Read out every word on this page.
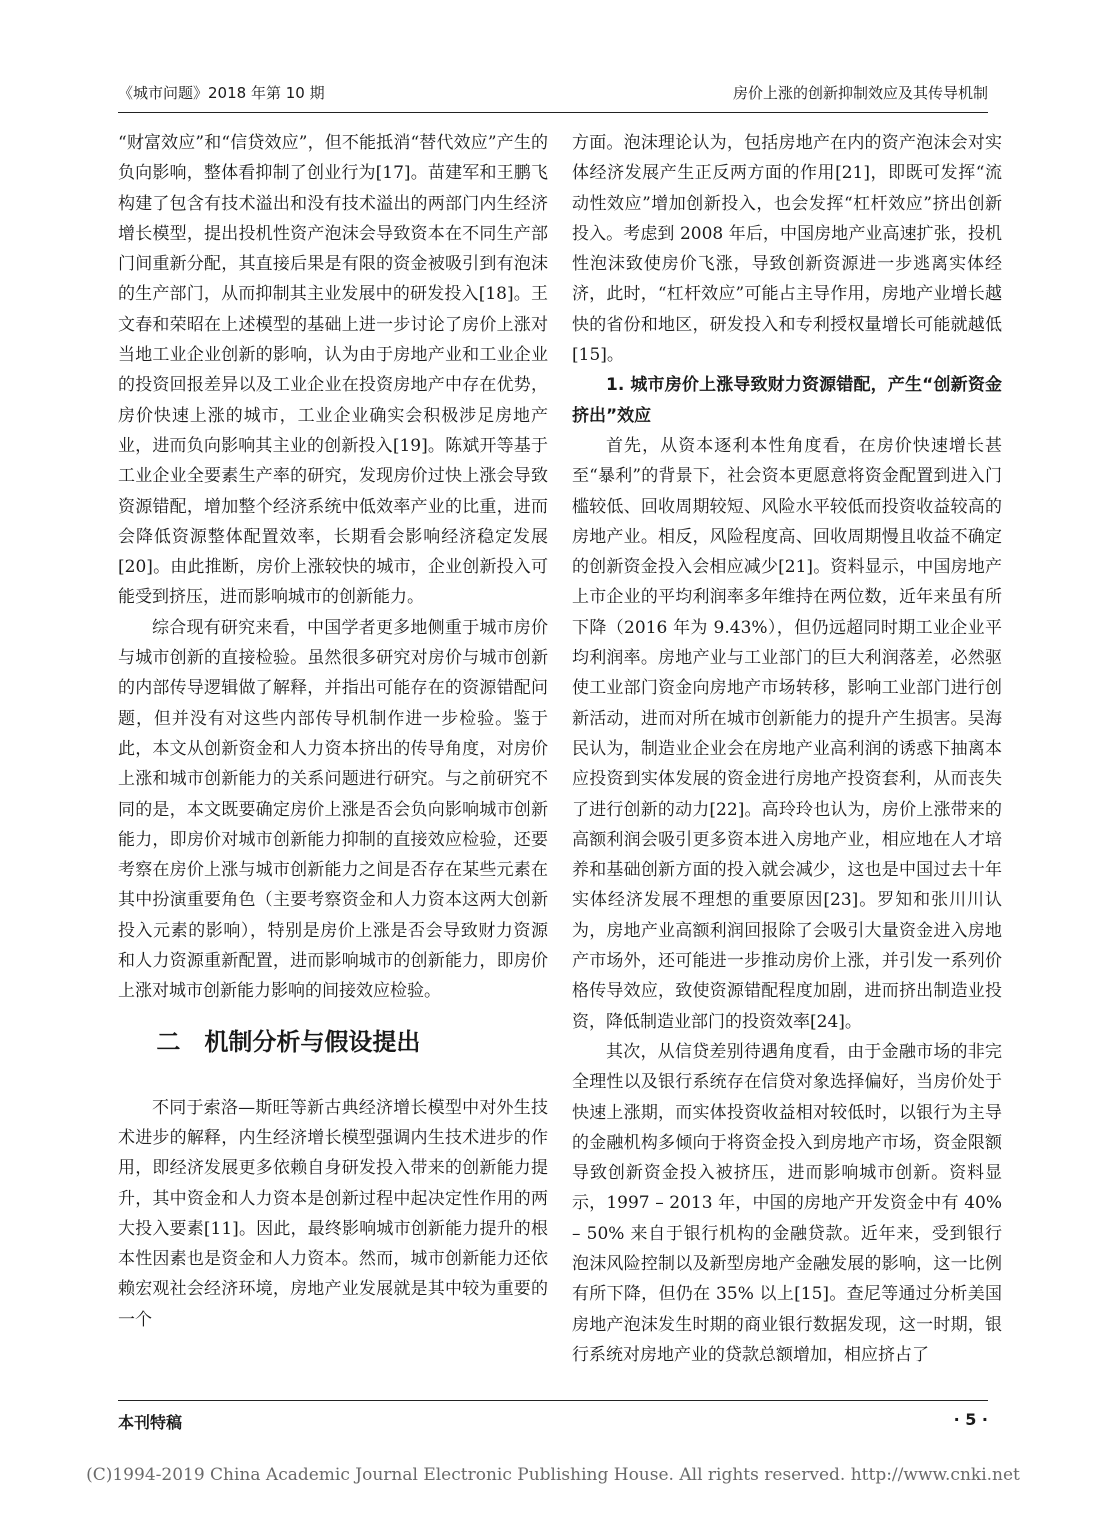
《城市问题》2018 年第 10 期	房价上涨的创新抑制效应及其传导机制

“财富效应”和“信贷效应”，但不能抵消“替代效应”产生的负向影响，整体看抑制了创业行为[17]。苗建军和王鹏飞构建了包含有技术溢出和没有技术溢出的两部门内生经济增长模型，提出投机性资产泡沫会导致资本在不同生产部门间重新分配，其直接后果是有限的资金被吸引到有泡沫的生产部门，从而抑制其主业发展中的研发投入[18]。王文春和荣昭在上述模型的基础上进一步讨论了房价上涨对当地工业企业创新的影响，认为由于房地产业和工业企业的投资回报差异以及工业企业在投资房地产中存在优势，房价快速上涨的城市，工业企业确实会积极涉足房地产业，进而负向影响其主业的创新投入[19]。陈斌开等基于工业企业全要素生产率的研究，发现房价过快上涨会导致资源错配，增加整个经济系统中低效率产业的比重，进而会降低资源整体配置效率，长期看会影响经济稳定发展[20]。由此推断，房价上涨较快的城市，企业创新投入可能受到挤压，进而影响城市的创新能力。

综合现有研究来看，中国学者更多地侧重于城市房价与城市创新的直接检验。虽然很多研究对房价与城市创新的内部传导逻辑做了解释，并指出可能存在的资源错配问题，但并没有对这些内部传导机制作进一步检验。鉴于此，本文从创新资金和人力资本挤出的传导角度，对房价上涨和城市创新能力的关系问题进行研究。与之前研究不同的是，本文既要确定房价上涨是否会负向影响城市创新能力，即房价对城市创新能力抑制的直接效应检验，还要考察在房价上涨与城市创新能力之间是否存在某些元素在其中扮演重要角色（主要考察资金和人力资本这两大创新投入元素的影响），特别是房价上涨是否会导致财力资源和人力资源重新配置，进而影响城市的创新能力，即房价上涨对城市创新能力影响的间接效应检验。

二　机制分析与假设提出

不同于索洛—斯旺等新古典经济增长模型中对外生技术进步的解释，内生经济增长模型强调内生技术进步的作用，即经济发展更多依赖自身研发投入带来的创新能力提升，其中资金和人力资本是创新过程中起决定性作用的两大投入要素[11]。因此，最终影响城市创新能力提升的根本性因素也是资金和人力资本。然而，城市创新能力还依赖宏观社会经济环境，房地产业发展就是其中较为重要的一个

方面。泡沫理论认为，包括房地产在内的资产泡沫会对实体经济发展产生正反两方面的作用[21]，即既可发挥“流动性效应”增加创新投入，也会发挥“杠杆效应”挤出创新投入。考虑到 2008 年后，中国房地产业高速扩张，投机性泡沫致使房价飞涨，导致创新资源进一步逃离实体经济，此时，“杠杆效应”可能占主导作用，房地产业增长越快的省份和地区，研发投入和专利授权量增长可能就越低[15]。

1. 城市房价上涨导致财力资源错配，产生“创新资金挤出”效应

首先，从资本逐利本性角度看，在房价快速增长甚至“暴利”的背景下，社会资本更愿意将资金配置到进入门槛较低、回收周期较短、风险水平较低而投资收益较高的房地产业。相反，风险程度高、回收周期慢且收益不确定的创新资金投入会相应减少[21]。资料显示，中国房地产上市企业的平均利润率多年维持在两位数，近年来虽有所下降（2016 年为 9.43%），但仍远超同时期工业企业平均利润率。房地产业与工业部门的巨大利润落差，必然驱使工业部门资金向房地产市场转移，影响工业部门进行创新活动，进而对所在城市创新能力的提升产生损害。吴海民认为，制造业企业会在房地产业高利润的诱惑下抽离本应投资到实体发展的资金进行房地产投资套利，从而丧失了进行创新的动力[22]。高玲玲也认为，房价上涨带来的高额利润会吸引更多资本进入房地产业，相应地在人才培养和基础创新方面的投入就会减少，这也是中国过去十年实体经济发展不理想的重要原因[23]。罗知和张川川认为，房地产业高额利润回报除了会吸引大量资金进入房地产市场外，还可能进一步推动房价上涨，并引发一系列价格传导效应，致使资源错配程度加剧，进而挤出制造业投资，降低制造业部门的投资效率[24]。

其次，从信贷差别待遇角度看，由于金融市场的非完全理性以及银行系统存在信贷对象选择偏好，当房价处于快速上涨期，而实体投资收益相对较低时，以银行为主导的金融机构多倾向于将资金投入到房地产市场，资金限额导致创新资金投入被挤压，进而影响城市创新。资料显示，1997 – 2013 年，中国的房地产开发资金中有 40% – 50% 来自于银行机构的金融贷款。近年来，受到银行泡沫风险控制以及新型房地产金融发展的影响，这一比例有所下降，但仍在 35% 以上[15]。查尼等通过分析美国房地产泡沫发生时期的商业银行数据发现，这一时期，银行系统对房地产业的贷款总额增加，相应挤占了

本刊特稿	· 5 ·
(C)1994-2019 China Academic Journal Electronic Publishing House. All rights reserved. http://www.cnki.net
